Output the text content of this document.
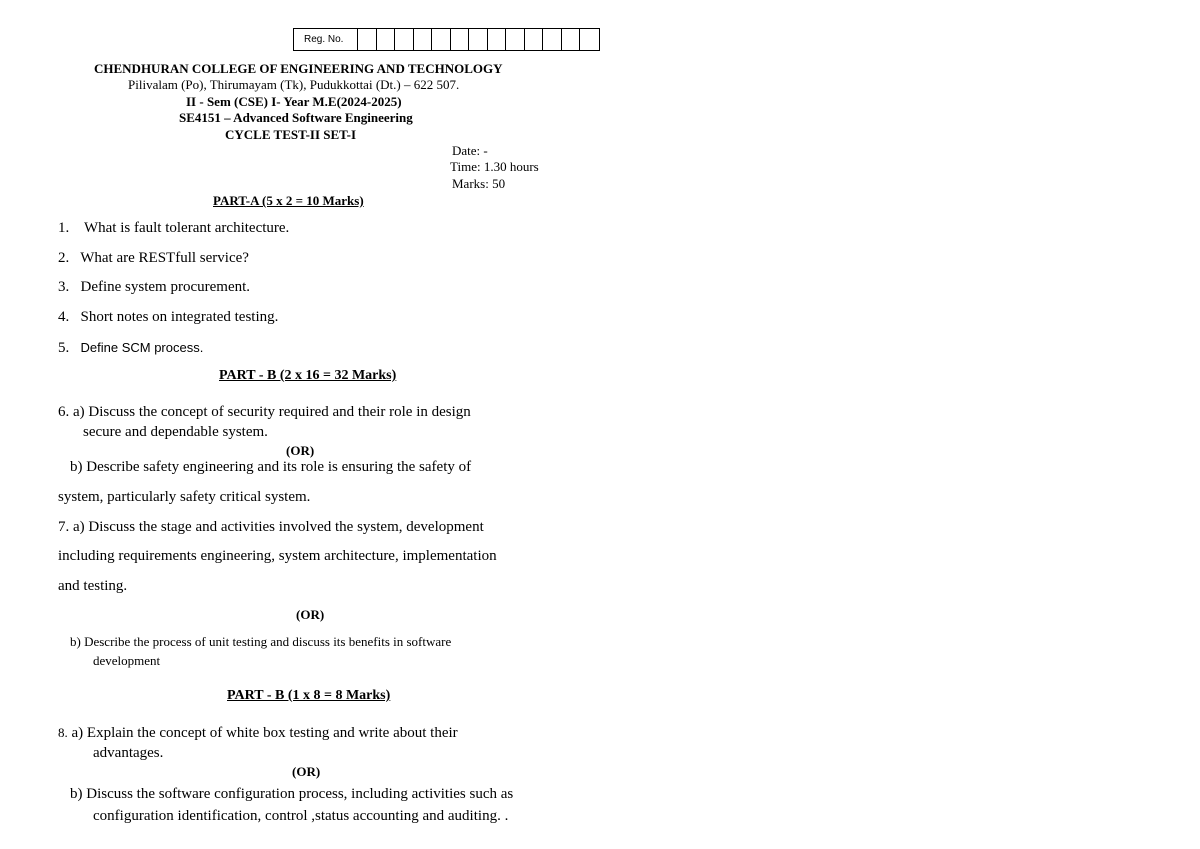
Reg. No.
CHENDHURAN COLLEGE OF ENGINEERING AND TECHNOLOGY
Pilivalam (Po), Thirumayam (Tk), Pudukkottai (Dt.) – 622 507.
II - Sem (CSE) I- Year M.E(2024-2025)
SE4151 – Advanced Software Engineering
CYCLE TEST-II SET-I
Date: -
Time: 1.30 hours
Marks: 50
PART-A (5 x 2 = 10 Marks)
1. What is fault tolerant architecture.
2. What are RESTfull service?
3. Define system procurement.
4. Short notes on integrated testing.
5. Define SCM process.
PART - B (2 x 16 = 32 Marks)
6. a) Discuss the concept of security required and their role in design
secure and dependable system.
(OR)
b) Describe safety engineering and its role is ensuring the safety of
system, particularly safety critical system.
7. a) Discuss the stage and activities involved the system, development
including requirements engineering, system architecture, implementation
and testing.
(OR)
b) Describe the process of unit testing and discuss its benefits in software
development
PART - B (1 x 8 = 8 Marks)
8. a) Explain the concept of white box testing and write about their
advantages.
(OR)
b) Discuss the software configuration process, including activities such as
configuration identification, control ,status accounting and auditing. .
